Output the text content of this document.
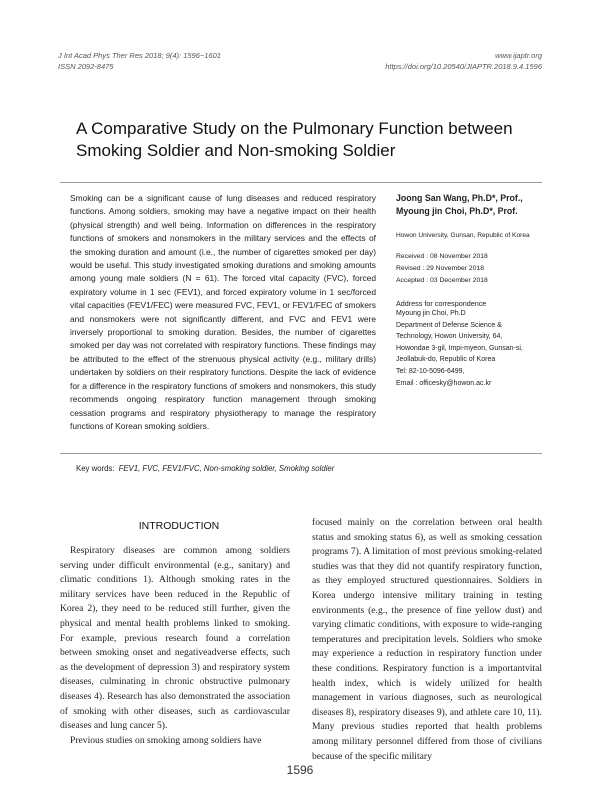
J Int Acad Phys Ther Res 2018; 9(4): 1596~1601
ISSN 2092-8475
www.ijaptr.org
https://doi.org/10.20540/JIAPTR.2018.9.4.1596
A Comparative Study on the Pulmonary Function between Smoking Soldier and Non-smoking Soldier
Smoking can be a significant cause of lung diseases and reduced respiratory functions. Among soldiers, smoking may have a negative impact on their health (physical strength) and well being. Information on differences in the respiratory functions of smokers and nonsmokers in the military services and the effects of the smoking duration and amount (i.e., the number of cigarettes smoked per day) would be useful. This study investigated smoking durations and smoking amounts among young male soldiers (N = 61). The forced vital capacity (FVC), forced expiratory volume in 1 sec (FEV1), and forced expiratory volume in 1 sec/forced vital capacities (FEV1/FEC) were measured FVC, FEV1, or FEV1/FEC of smokers and nonsmokers were not significantly different, and FVC and FEV1 were inversely proportional to smoking duration. Besides, the number of cigarettes smoked per day was not correlated with respiratory functions. These findings may be attributed to the effect of the strenuous physical activity (e.g., military drills) undertaken by soldiers on their respiratory functions. Despite the lack of evidence for a difference in the respiratory functions of smokers and nonsmokers, this study recommends ongoing respiratory function management through smoking cessation programs and respiratory physiotherapy to manage the respiratory functions of Korean smoking soldiers.
Joong San Wang, Ph.D*, Prof.,
Myoung jin Choi, Ph.D*, Prof.
Howon University, Gunsan, Republic of Korea
Received : 08 November 2018
Revised : 29 November 2018
Accepted : 03 December 2018
Address for correspondence
Myoung jin Choi, Ph.D
Department of Defense Science &
Technology, Howon University, 64,
Howondae 3-gil, Impi-myeon, Gunsan-si,
Jeollabuk-do, Republic of Korea
Tel: 82-10-5096-6499,
Email : officesky@howon.ac.kr
Key words: FEV1, FVC, FEV1/FVC, Non-smoking soldier, Smoking soldier
INTRODUCTION

Respiratory diseases are common among soldiers serving under difficult environmental (e.g., sanitary) and climatic conditions 1). Although smoking rates in the military services have been reduced in the Republic of Korea 2), they need to be reduced still further, given the physical and mental health problems linked to smoking. For example, previous research found a correlation between smoking onset and negativeadverse effects, such as the development of depression 3) and respiratory system diseases, culminating in chronic obstructive pulmonary diseases 4). Research has also demonstrated the association of smoking with other diseases, such as cardiovascular diseases and lung cancer 5).

Previous studies on smoking among soldiers have

focused mainly on the correlation between oral health status and smoking status 6), as well as smoking cessation programs 7). A limitation of most previous smoking-related studies was that they did not quantify respiratory function, as they employed structured questionnaires. Soldiers in Korea undergo intensive military training in testing environments (e.g., the presence of fine yellow dust) and varying climatic conditions, with exposure to wide-ranging temperatures and precipitation levels. Soldiers who smoke may experience a reduction in respiratory function under these conditions. Respiratory function is a importantvital health index, which is widely utilized for health management in various diagnoses, such as neurological diseases 8), respiratory diseases 9), and athlete care 10, 11). Many previous studies reported that health problems among military personnel differed from those of civilians because of the specific military

1596
